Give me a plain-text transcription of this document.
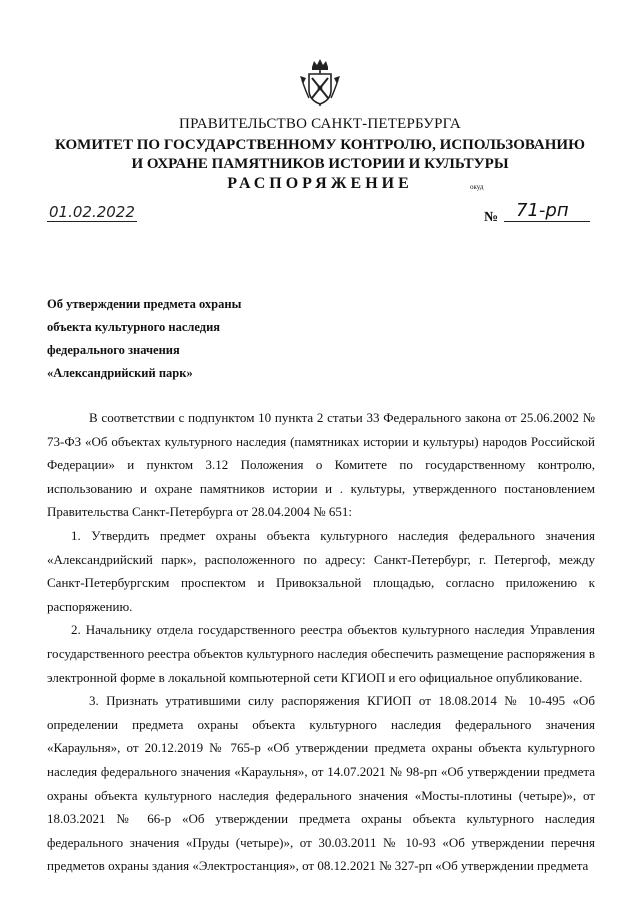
ПРАВИТЕЛЬСТВО САНКТ-ПЕТЕРБУРГА
КОМИТЕТ ПО ГОСУДАРСТВЕННОМУ КОНТРОЛЮ, ИСПОЛЬЗОВАНИЮ
И ОХРАНЕ ПАМЯТНИКОВ ИСТОРИИ И КУЛЬТУРЫ
РАСПОРЯЖЕНИЕ	окуд
01.02.2022	№ 71-рп
Об утверждении предмета охраны
объекта культурного наследия
федерального значения
«Александрийский парк»

В соответствии с подпунктом 10 пункта 2 статьи 33 Федерального закона от 25.06.2002 № 73-ФЗ «Об объектах культурного наследия (памятниках истории и культуры) народов Российской Федерации» и пунктом 3.12 Положения о Комитете по государственному контролю, использованию и охране памятников истории и . культуры, утвержденного постановлением Правительства Санкт-Петербурга от 28.04.2004 № 651:

1. Утвердить предмет охраны объекта культурного наследия федерального значения «Александрийский парк», расположенного по адресу: Санкт-Петербург, г. Петергоф, между Санкт-Петербургским проспектом и Привокзальной площадью, согласно приложению к распоряжению.

2. Начальнику отдела государственного реестра объектов культурного наследия Управления государственного реестра объектов культурного наследия обеспечить размещение распоряжения в электронной форме в локальной компьютерной сети КГИОП и его официальное опубликование.

3. Признать утратившими силу распоряжения КГИОП от 18.08.2014 № 10-495 «Об определении предмета охраны объекта культурного наследия федерального значения «Караульня», от 20.12.2019 № 765-р «Об утверждении предмета охраны объекта культурного наследия федерального значения «Караульня», от 14.07.2021 № 98-рп «Об утверждении предмета охраны объекта культурного наследия федерального значения «Мосты-плотины (четыре)», от 18.03.2021 № 66-р «Об утверждении предмета охраны объекта культурного наследия федерального значения «Пруды (четыре)», от 30.03.2011 № 10-93 «Об утверждении перечня предметов охраны здания «Электростанция», от 08.12.2021 № 327-рп «Об утверждении предмета
